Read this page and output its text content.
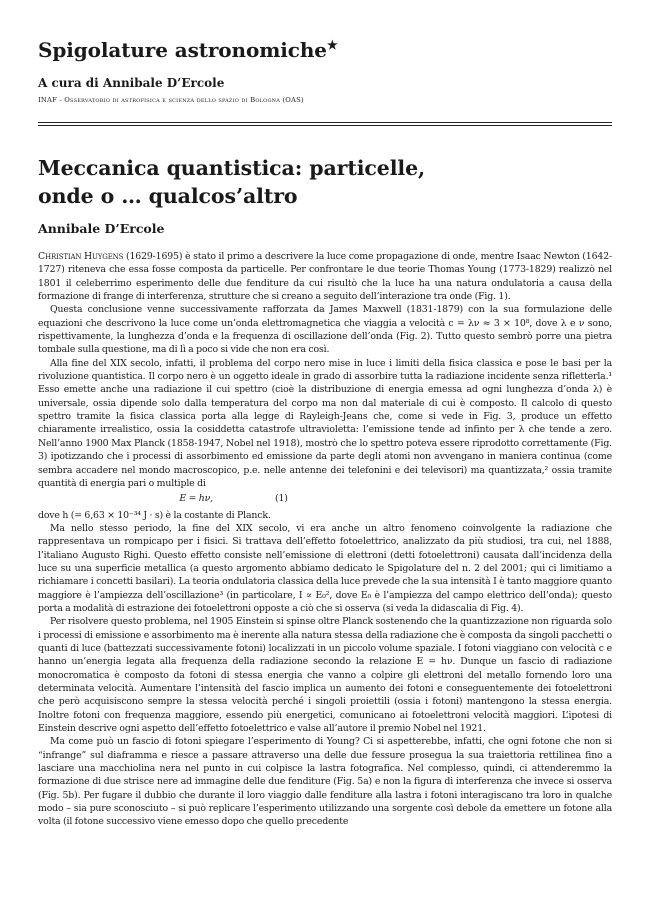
Spigolature astronomiche★
A cura di Annibale D’Ercole
INAF - Osservatorio di astrofisica e scienza dello spazio di Bologna (OAS)
Meccanica quantistica: particelle,
onde o … qualcos’altro
Annibale D’Ercole

Christian Huygens (1629-1695) è stato il primo a descrivere la luce come propagazione di onde, mentre Isaac Newton (1642-1727) riteneva che essa fosse composta da particelle. Per confrontare le due teorie Thomas Young (1773-1829) realizzò nel 1801 il celeberrimo esperimento delle due fenditure da cui risultò che la luce ha una natura ondulatoria a causa della formazione di frange di interferenza, strutture che si creano a seguito dell’interazione tra onde (Fig. 1).

Questa conclusione venne successivamente rafforzata da James Maxwell (1831-1879) con la sua formulazione delle equazioni che descrivono la luce come un’onda elettromagnetica che viaggia a velocità c = λν ≈ 3 × 10⁸, dove λ e ν sono, rispettivamente, la lunghezza d’onda e la frequenza di oscillazione dell’onda (Fig. 2). Tutto questo sembrò porre una pietra tombale sulla questione, ma di lì a poco si vide che non era così.

Alla fine del XIX secolo, infatti, il problema del corpo nero mise in luce i limiti della fisica classica e pose le basi per la rivoluzione quantistica. Il corpo nero è un oggetto ideale in grado di assorbire tutta la radiazione incidente senza rifletterla.¹ Esso emette anche una radiazione il cui spettro (cioè la distribuzione di energia emessa ad ogni lunghezza d’onda λ) è universale, ossia dipende solo dalla temperatura del corpo ma non dal materiale di cui è composto. Il calcolo di questo spettro tramite la fisica classica porta alla legge di Rayleigh-Jeans che, come si vede in Fig. 3, produce un effetto chiaramente irrealistico, ossia la cosiddetta catastrofe ultravioletta: l’emissione tende ad infinto per λ che tende a zero. Nell’anno 1900 Max Planck (1858-1947, Nobel nel 1918), mostrò che lo spettro poteva essere riprodotto correttamente (Fig. 3) ipotizzando che i processi di assorbimento ed emissione da parte degli atomi non avvengano in maniera continua (come sembra accadere nel mondo macroscopico, p.e. nelle antenne dei telefonini e dei televisori) ma quantizzata,² ossia tramite quantità di energia pari o multiple di

E = hν,	(1)

dove h (= 6,63 × 10⁻³⁴ J · s) è la costante di Planck.

Ma nello stesso periodo, la fine del XIX secolo, vi era anche un altro fenomeno coinvolgente la radiazione che rappresentava un rompicapo per i fisici. Si trattava dell’effetto fotoelettrico, analizzato da più studiosi, tra cui, nel 1888, l’italiano Augusto Righi. Questo effetto consiste nell’emissione di elettroni (detti fotoelettroni) causata dall’incidenza della luce su una superficie metallica (a questo argomento abbiamo dedicato le Spigolature del n. 2 del 2001; qui ci limitiamo a richiamare i concetti basilari). La teoria ondulatoria classica della luce prevede che la sua intensità I è tanto maggiore quanto maggiore è l’ampiezza dell’oscillazione³ (in particolare, I ∝ E₀², dove E₀ è l’ampiezza del campo elettrico dell’onda); questo porta a modalità di estrazione dei fotoelettroni opposte a ciò che si osserva (si veda la didascalia di Fig. 4).

Per risolvere questo problema, nel 1905 Einstein si spinse oltre Planck sostenendo che la quantizzazione non riguarda solo i processi di emissione e assorbimento ma è inerente alla natura stessa della radiazione che è composta da singoli pacchetti o quanti di luce (battezzati successivamente fotoni) localizzati in un piccolo volume spaziale. I fotoni viaggiano con velocità c e hanno un’energia legata alla frequenza della radiazione secondo la relazione E = hν. Dunque un fascio di radiazione monocromatica è composto da fotoni di stessa energia che vanno a colpire gli elettroni del metallo fornendo loro una determinata velocità. Aumentare l’intensità del fascio implica un aumento dei fotoni e conseguentemente dei fotoelettroni che però acquisiscono sempre la stessa velocità perché i singoli proiettili (ossia i fotoni) mantengono la stessa energia. Inoltre fotoni con frequenza maggiore, essendo più energetici, comunicano ai fotoelettroni velocità maggiori. L’ipotesi di Einstein descrive ogni aspetto dell’effetto fotoelettrico e valse all’autore il premio Nobel nel 1921.

Ma come può un fascio di fotoni spiegare l’esperimento di Young? Ci si aspetterebbe, infatti, che ogni fotone che non si “infrange” sul diaframma e riesce a passare attraverso una delle due fessure prosegua la sua traiettoria rettilinea fino a lasciare una macchiolina nera nel punto in cui colpisce la lastra fotografica. Nel complesso, quindi, ci attenderemmo la formazione di due strisce nere ad immagine delle due fenditure (Fig. 5a) e non la figura di interferenza che invece si osserva (Fig. 5b). Per fugare il dubbio che durante il loro viaggio dalle fenditure alla lastra i fotoni interagiscano tra loro in qualche modo – sia pure sconosciuto – si può replicare l’esperimento utilizzando una sorgente così debole da emettere un fotone alla volta (il fotone successivo viene emesso dopo che quello precedente
